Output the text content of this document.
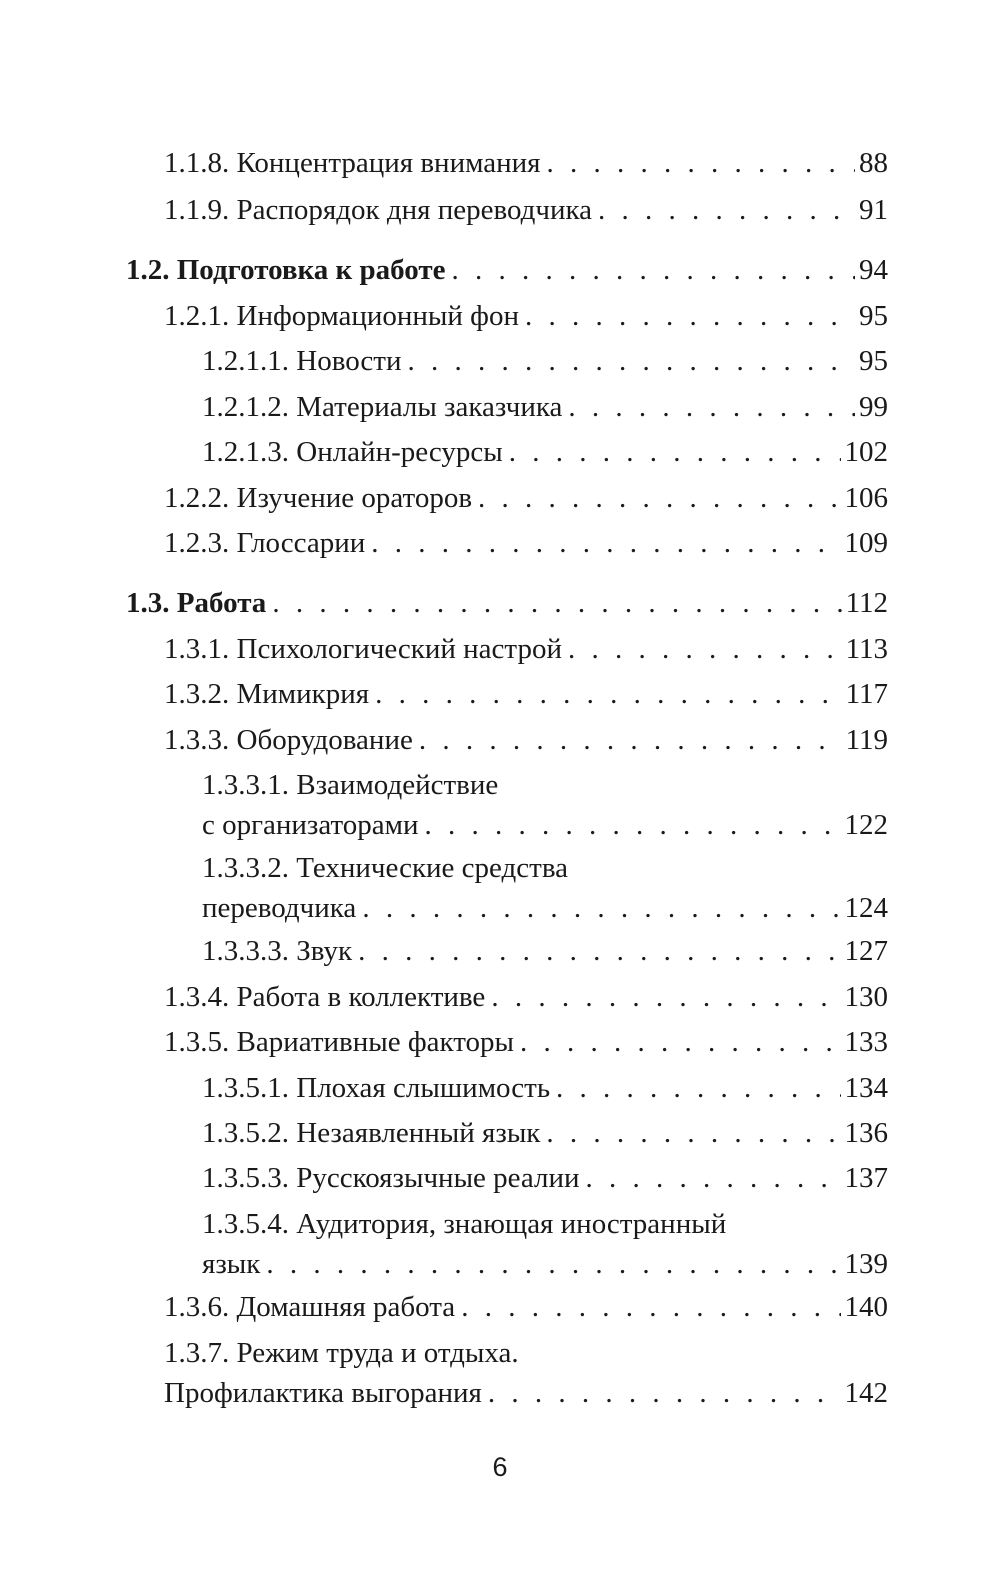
1.1.8. Концентрация внимания . . .	88
1.1.9. Распорядок дня переводчика . . .	91
1.2. Подготовка к работе . . .	94
1.2.1. Информационный фон . . .	95
1.2.1.1. Новости . . .	95
1.2.1.2. Материалы заказчика . . .	99
1.2.1.3. Онлайн-ресурсы . . .	102
1.2.2. Изучение ораторов . . .	106
1.2.3. Глоссарии . . .	109
1.3. Работа . . .	112
1.3.1. Психологический настрой . . .	113
1.3.2. Мимикрия . . .	117
1.3.3. Оборудование . . .	119
1.3.3.1. Взаимодействие
с организаторами . . .	122
1.3.3.2. Технические средства
переводчика . . .	124
1.3.3.3. Звук . . .	127
1.3.4. Работа в коллективе . . .	130
1.3.5. Вариативные факторы . . .	133
1.3.5.1. Плохая слышимость . . .	134
1.3.5.2. Незаявленный язык . . .	136
1.3.5.3. Русскоязычные реалии . . .	137
1.3.5.4. Аудитория, знающая иностранный
язык . . .	139
1.3.6. Домашняя работа . . .	140
1.3.7. Режим труда и отдыха.
Профилактика выгорания . . .	142
6
